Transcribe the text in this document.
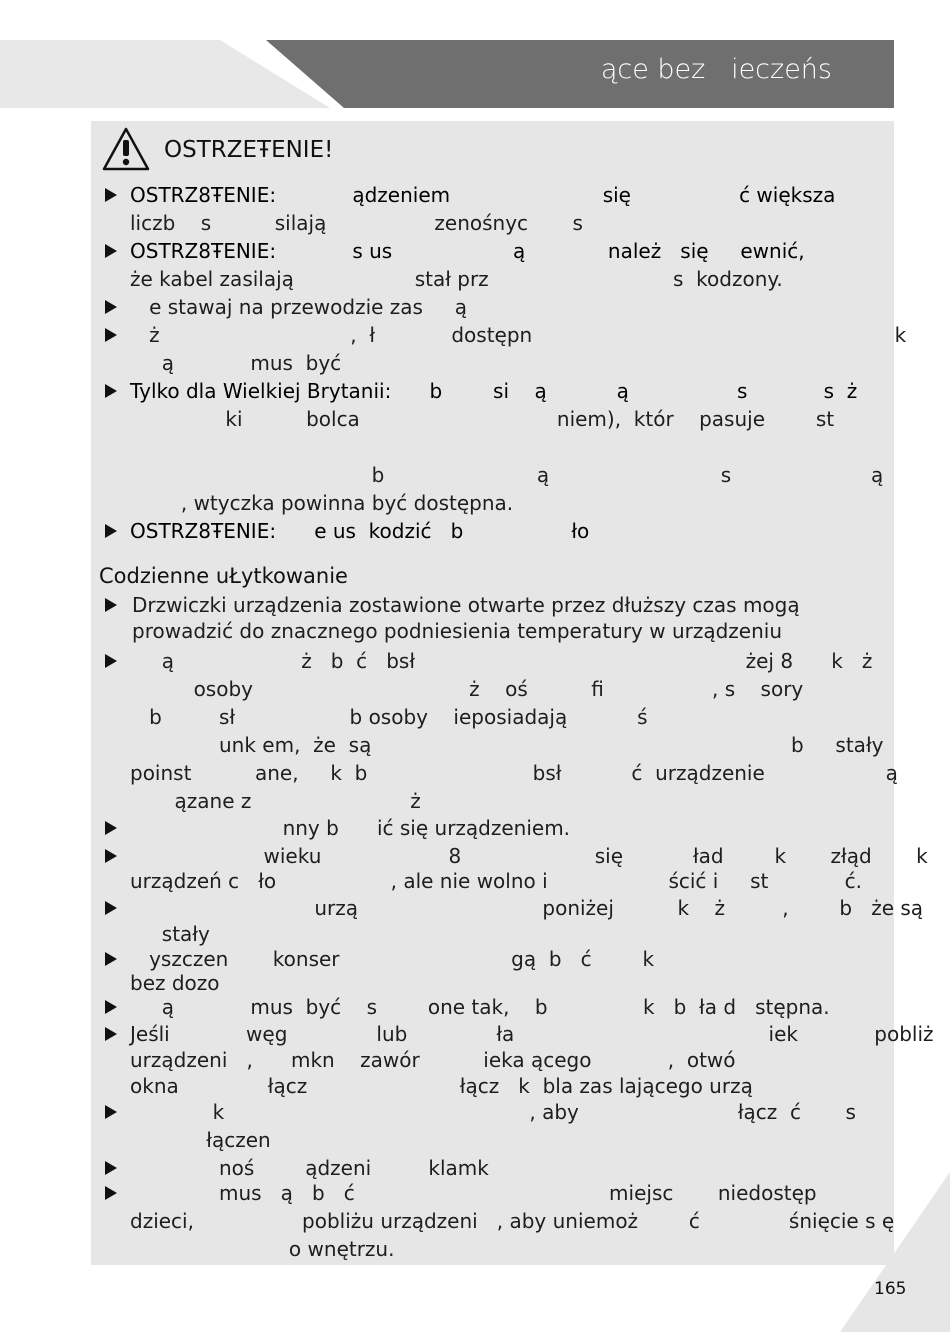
ące bez   ieczeńs
OSTRZEŦENIE!
OSTRZ8ŦENIE:            ądzeniem                        się                 ć większa
liczb    s          silają                 zenośnyc       s
OSTRZ8ŦENIE:            s us                   ą             należ   się     ewnić,
że kabel zasilają                   stał prz                             s  kodzony.
e stawaj na przewodzie zas     ą
ż                              ,  ł            dostępn                                                         k
ą            mus  być
Tylko dla Wielkiej Brytanii:      b        si    ą           ą                 s            s  ż
ki          bolca                               niem),  któr    pasuje        st
b                        ą                           s                      ą
, wtyczka powinna być dostępna.
OSTRZ8ŦENIE:      e us  kodzić   b                 ło
Codzienne uŁytkowanie
Drzwiczki urządzenia zostawione otwarte przez dłuższy czas mogą
prowadzić do znacznego podniesienia temperatury w urządzeniu
ą                    ż   b  ć   bsł                                                    żej 8      k   ż
osoby                                  ż    oś          fi                 , s    sory
b         sł                  b osoby    ieposiadają           ś
unk em,  że  są                                                                  b     stały
poinst          ane,     k  b                          bsł           ć  urządzenie                   ą
ązane z                         ż
nny b      ić się urządzeniem.
wieku                    8                     się           ład        k       złąd       k
urządzeń c   ło                  , ale nie wolno i                   ścić i     st            ć.
urzą                             poniżej          k    ż         ,        b   że są
stały
yszczen       konser                           gą  b   ć        k
bez dozo
ą            mus  być    s        one tak,    b               k   b  ła d   stępna.
Jeśli            węg              lub              ła                                        iek            pobliż
urządzeni   ,      mkn    zawór          ieka ącego            ,  otwó
okna              łącz                        łącz   k  bla zas lającego urzą
k                                                , aby                         łącz  ć       s
łączen
noś        ądzeni         klamk
mus   ą   b   ć                                        miejsc       niedostęp
dzieci,                 pobliżu urządzeni   , aby uniemoż        ć              śnięcie s ę
o wnętrzu.
165
